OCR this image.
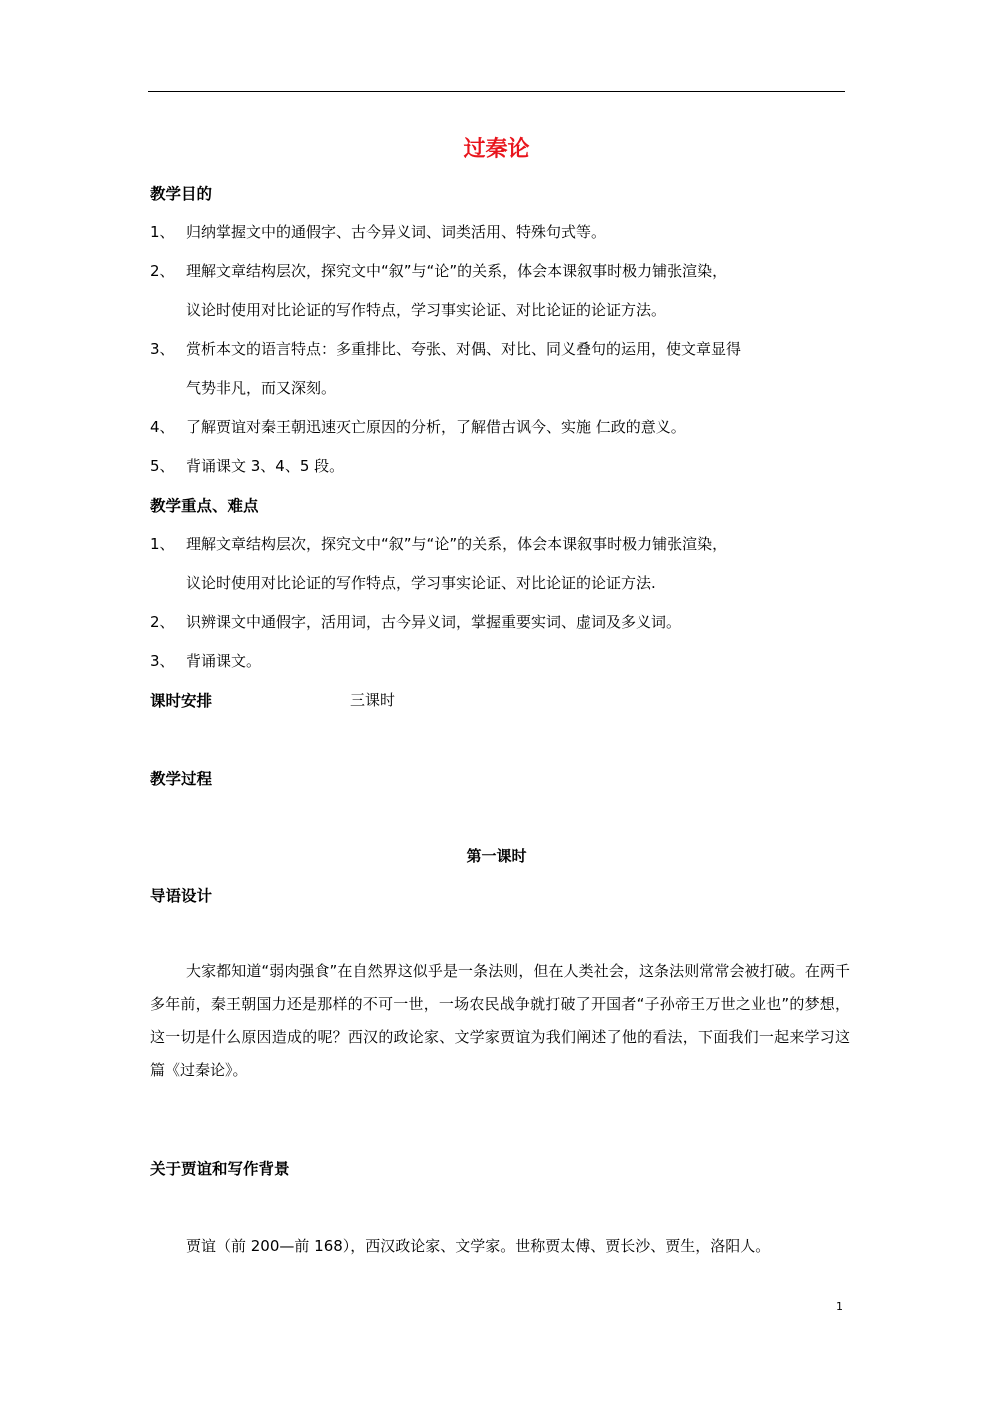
过秦论
教学目的
1、 归纳掌握文中的通假字、古今异义词、词类活用、特殊句式等。
2、 理解文章结构层次，探究文中“叙”与“论”的关系，体会本课叙事时极力铺张渲染，
议论时使用对比论证的写作特点，学习事实论证、对比论证的论证方法。
3、 赏析本文的语言特点：多重排比、夸张、对偶、对比、同义叠句的运用，使文章显得
气势非凡，而又深刻。
4、 了解贾谊对秦王朝迅速灭亡原因的分析，了解借古讽今、实施 仁政的意义。
5、 背诵课文 3、4、5 段。
教学重点、难点
1、 理解文章结构层次，探究文中“叙”与“论”的关系，体会本课叙事时极力铺张渲染，
议论时使用对比论证的写作特点，学习事实论证、对比论证的论证方法.
2、 识辨课文中通假字，活用词，古今异义词，掌握重要实词、虚词及多义词。
3、 背诵课文。
课时安排	三课时
教学过程
第一课时
导语设计
大家都知道“弱肉强食”在自然界这似乎是一条法则，但在人类社会，这条法则常常会被打破。在两千多年前，秦王朝国力还是那样的不可一世，一场农民战争就打破了开国者“子孙帝王万世之业也”的梦想，这一切是什么原因造成的呢？西汉的政论家、文学家贾谊为我们阐述了他的看法，下面我们一起来学习这篇《过秦论》。
关于贾谊和写作背景
贾谊（前 200—前 168），西汉政论家、文学家。世称贾太傅、贾长沙、贾生，洛阳人。
1
